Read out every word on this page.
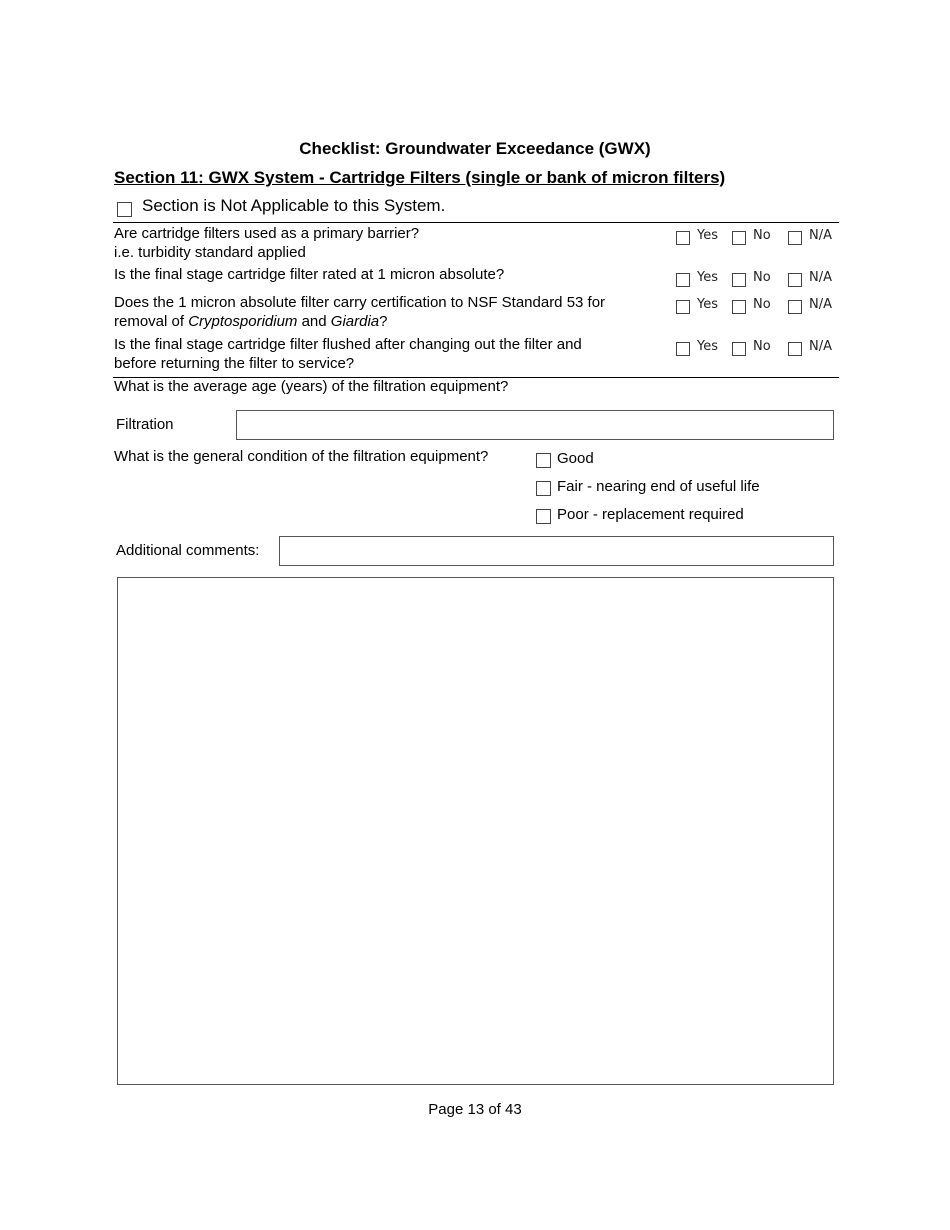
Checklist: Groundwater Exceedance (GWX)
Section 11: GWX System - Cartridge Filters (single or bank of micron filters)
Section is Not Applicable to this System.
Are cartridge filters used as a primary barrier?
i.e. turbidity standard applied
Yes	No	N/A
Is the final stage cartridge filter rated at 1 micron absolute?	Yes	No	N/A
Does the 1 micron absolute filter carry certification to NSF Standard 53 for
removal of Cryptosporidium and Giardia?
Yes	No	N/A
Is the final stage cartridge filter flushed after changing out the filter and
before returning the filter to service?
Yes	No	N/A
What is the average age (years) of the filtration equipment?
Filtration
What is the general condition of the filtration equipment?	Good
Fair - nearing end of useful life
Poor - replacement required
Additional comments:
Page 13 of 43
